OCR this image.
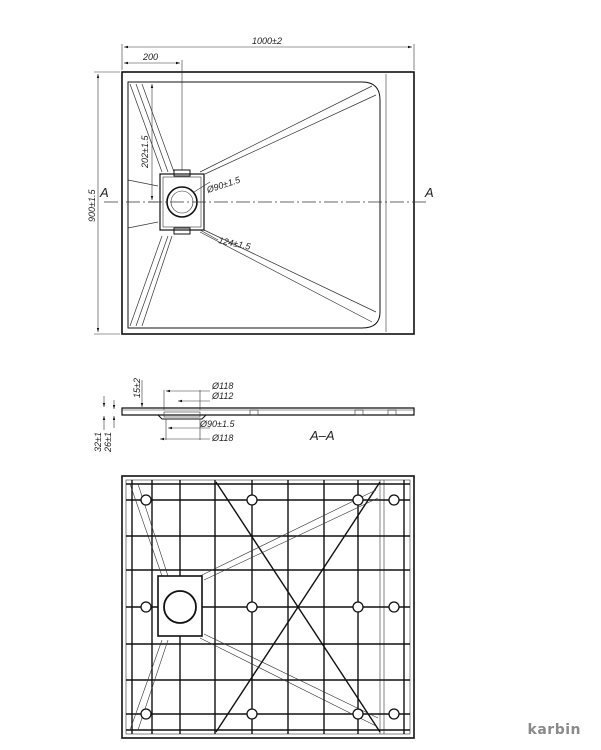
A	A
1000±2
200
900±1.5
202±1.5
Ø90±1.5
124±1.5
Ø118
Ø112
15±2
Ø90±1.5
Ø118
32±1 26±1	A–A
karbin
